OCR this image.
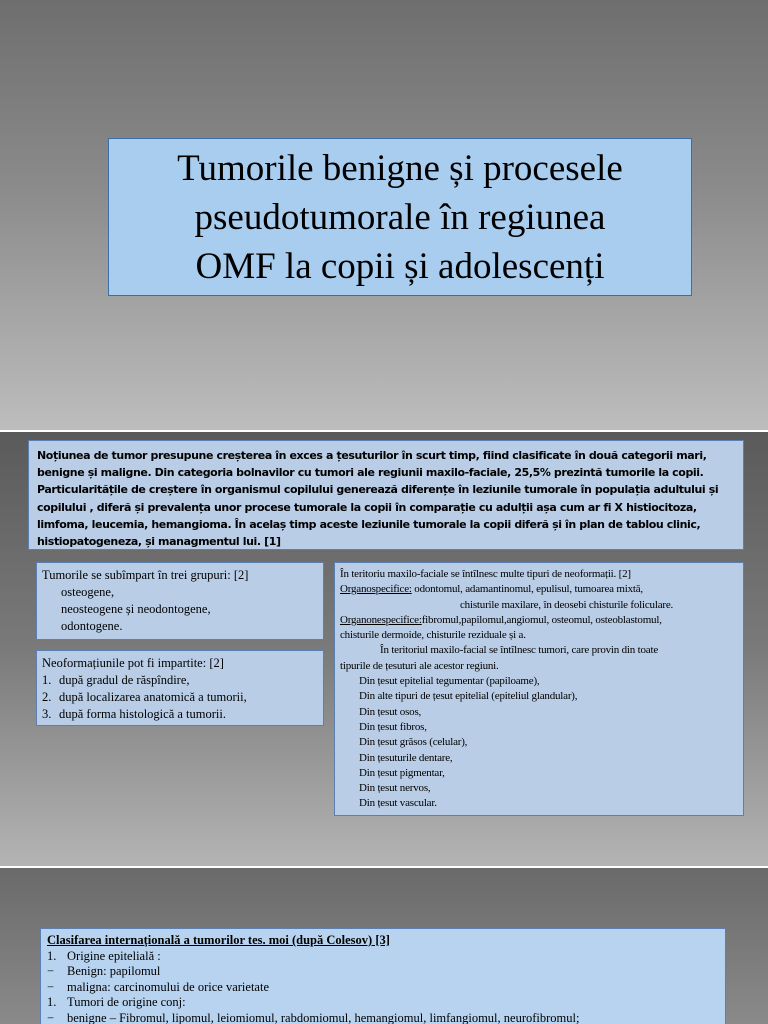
Tumorile benigne și procesele
pseudotumorale în regiunea
OMF la copii și adolescenți
Noțiunea de tumor presupune creșterea în exces a țesuturilor în scurt timp, fiind clasificate în două categorii mari, benigne și maligne. Din categoria bolnavilor cu tumori ale regiunii maxilo-faciale, 25,5% prezintă tumorile la copii. Particularitățile de creștere în organismul copilului generează diferențe în leziunile tumorale în populația adultului și copilului , diferă și prevalența unor procese tumorale la copii în comparație cu adulții așa cum ar fi X histiocitoza, limfoma, leucemia, hemangioma. În acelaș timp aceste leziunile tumorale la copii diferă și în plan de tablou clinic, histiopatogeneza, și managmentul lui. [1]
Tumorile se subîmpart în trei grupuri: [2]
osteogene,
neosteogene și neodontogene,
odontogene.
Neoformațiunile pot fi impartite: [2]
1. după gradul de răspîndire,
2. după localizarea anatomică a tumorii,
3. după forma histologică a tumorii.
În teritoriu maxilo-faciale se întîlnesc multe tipuri de neoformații. [2]
Organospecifice: odontomul, adamantinomul, epulisul, tumoarea mixtă,
chisturile maxilare, în deosebi chisturile foliculare.
Organonespecifice:fibromul,papilomul,angiomul, osteomul, osteoblastomul,
chisturile dermoide, chisturile reziduale și a.
În teritoriul maxilo-facial se întîlnesc tumori, care provin din toate
tipurile de țesuturi ale acestor regiuni.
Din țesut epitelial tegumentar (papiloame),
Din alte tipuri de țesut epitelial (epiteliul glandular),
Din țesut osos,
Din țesut fibros,
Din țesut grăsos (celular),
Din țesuturile dentare,
Din țesut pigmentar,
Din țesut nervos,
Din țesut vascular.
Clasifarea internațională a tumorilor tes. moi (după Colesov) [3]
1. Origine epitelială :
− Benign: papilomul
− maligna: carcinomului de orice varietate
1. Tumori de origine conj:
− benigne – Fibromul, lipomul, leiomiomul, rabdomiomul, hemangiomul, limfangiomul, neurofibromul;
